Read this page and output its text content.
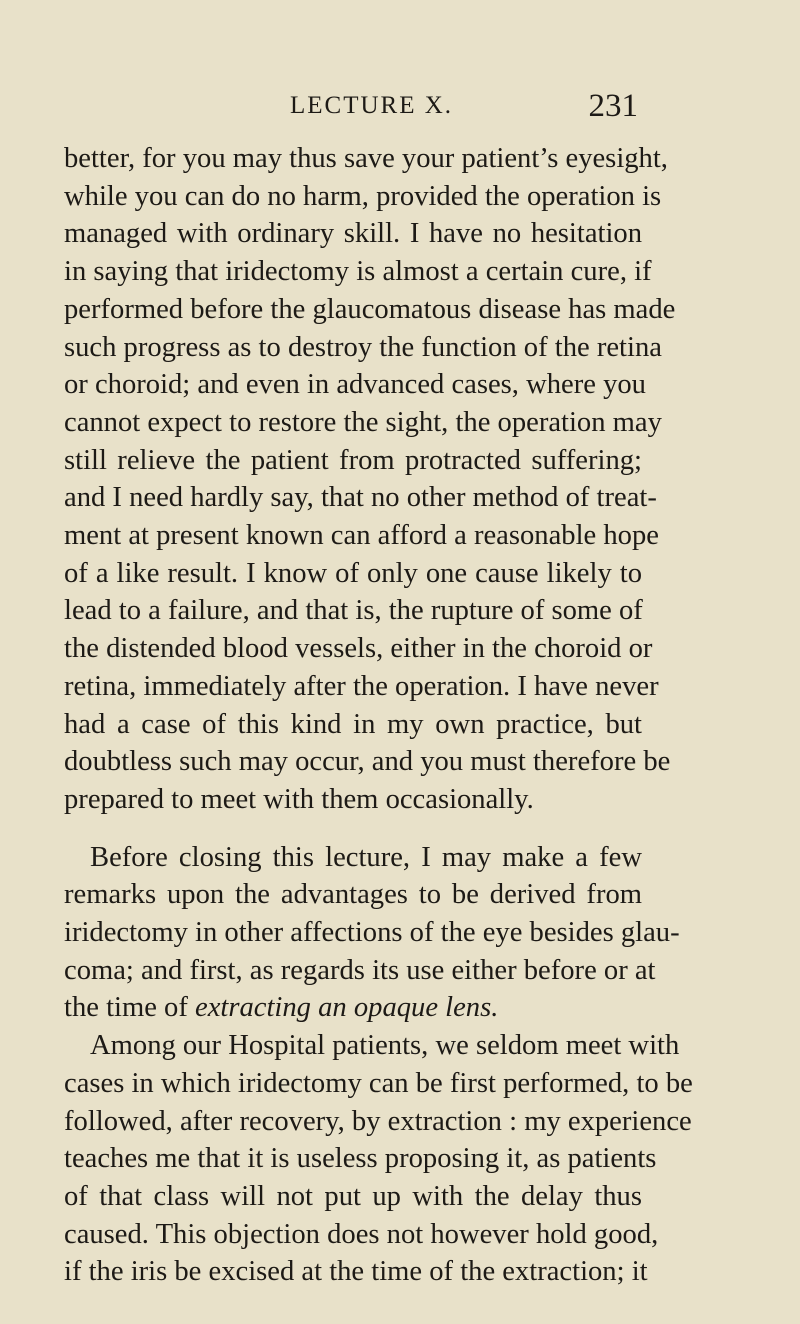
LECTURE X.	231
better, for you may thus save your patient’s eyesight,
while you can do no harm, provided the operation is
managed with ordinary skill. I have no hesitation
in saying that iridectomy is almost a certain cure, if
performed before the glaucomatous disease has made
such progress as to destroy the function of the retina
or choroid; and even in advanced cases, where you
cannot expect to restore the sight, the operation may
still relieve the patient from protracted suffering;
and I need hardly say, that no other method of treat-
ment at present known can afford a reasonable hope
of a like result. I know of only one cause likely to
lead to a failure, and that is, the rupture of some of
the distended blood vessels, either in the choroid or
retina, immediately after the operation. I have never
had a case of this kind in my own practice, but
doubtless such may occur, and you must therefore be
prepared to meet with them occasionally.
Before closing this lecture, I may make a few
remarks upon the advantages to be derived from
iridectomy in other affections of the eye besides glau-
coma; and first, as regards its use either before or at
the time of extracting an opaque lens.
Among our Hospital patients, we seldom meet with
cases in which iridectomy can be first performed, to be
followed, after recovery, by extraction : my experience
teaches me that it is useless proposing it, as patients
of that class will not put up with the delay thus
caused. This objection does not however hold good,
if the iris be excised at the time of the extraction; it
